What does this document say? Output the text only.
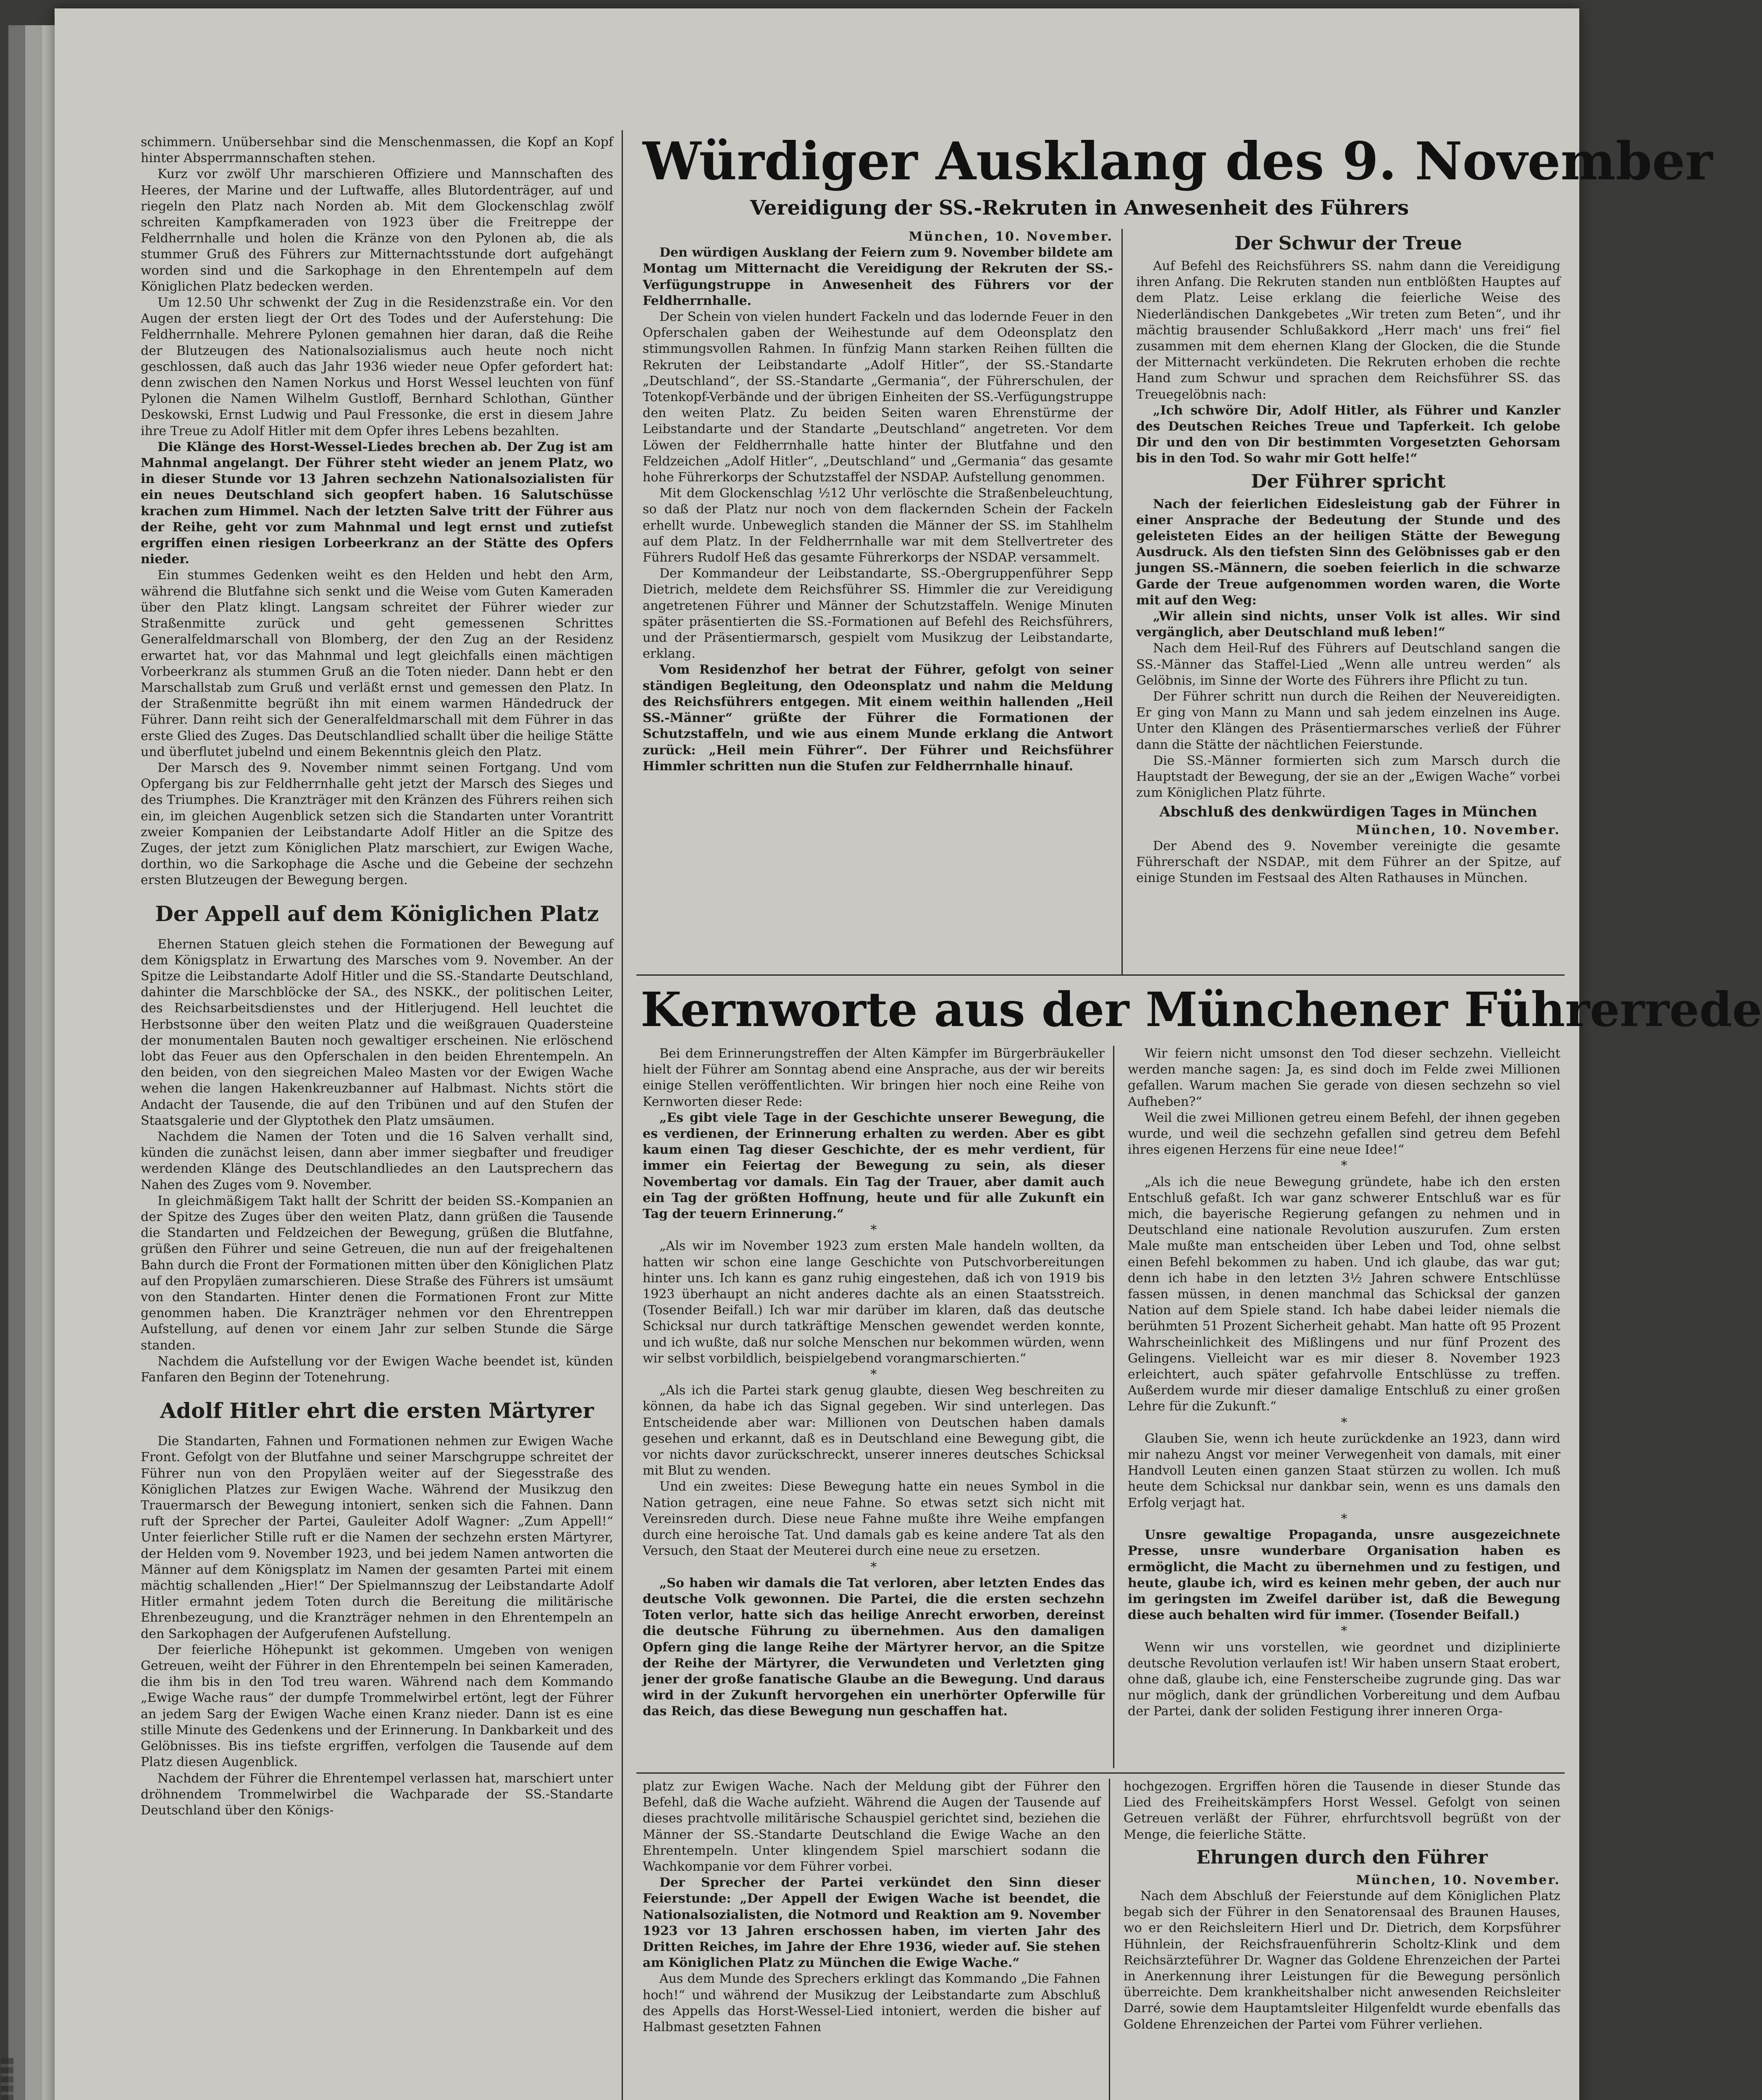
schimmern. Unübersehbar sind die Menschenmassen, die Kopf an Kopf hinter Absperrmannschaften stehen.

Kurz vor zwölf Uhr marschieren Offiziere und Mannschaften des Heeres, der Marine und der Luftwaffe, alles Blutordenträger, auf und riegeln den Platz nach Norden ab. Mit dem Glockenschlag zwölf schreiten Kampfkameraden von 1923 über die Freitreppe der Feldherrnhalle und holen die Kränze von den Pylonen ab, die als stummer Gruß des Führers zur Mitternachtsstunde dort aufgehängt worden sind und die Sarkophage in den Ehrentempeln auf dem Königlichen Platz bedecken werden.

Um 12.50 Uhr schwenkt der Zug in die Residenzstraße ein. Vor den Augen der ersten liegt der Ort des Todes und der Auferstehung: Die Feldherrnhalle. Mehrere Pylonen gemahnen hier daran, daß die Reihe der Blutzeugen des Nationalsozialismus auch heute noch nicht geschlossen, daß auch das Jahr 1936 wieder neue Opfer gefordert hat: denn zwischen den Namen Norkus und Horst Wessel leuchten von fünf Pylonen die Namen Wilhelm Gustloff, Bernhard Schlothan, Günther Deskowski, Ernst Ludwig und Paul Fressonke, die erst in diesem Jahre ihre Treue zu Adolf Hitler mit dem Opfer ihres Lebens bezahlten.

Die Klänge des Horst-Wessel-Liedes brechen ab. Der Zug ist am Mahnmal angelangt. Der Führer steht wieder an jenem Platz, wo in dieser Stunde vor 13 Jahren sechzehn Nationalsozialisten für ein neues Deutschland sich geopfert haben. 16 Salutschüsse krachen zum Himmel. Nach der letzten Salve tritt der Führer aus der Reihe, geht vor zum Mahnmal und legt ernst und zutiefst ergriffen einen riesigen Lorbeerkranz an der Stätte des Opfers nieder.

Ein stummes Gedenken weiht es den Helden und hebt den Arm, während die Blutfahne sich senkt und die Weise vom Guten Kameraden über den Platz klingt. Langsam schreitet der Führer wieder zur Straßenmitte zurück und geht gemessenen Schrittes Generalfeldmarschall von Blomberg, der den Zug an der Residenz erwartet hat, vor das Mahnmal und legt gleichfalls einen mächtigen Vorbeerkranz als stummen Gruß an die Toten nieder. Dann hebt er den Marschallstab zum Gruß und verläßt ernst und gemessen den Platz. In der Straßenmitte begrüßt ihn mit einem warmen Händedruck der Führer. Dann reiht sich der Generalfeldmarschall mit dem Führer in das erste Glied des Zuges. Das Deutschlandlied schallt über die heilige Stätte und überflutet jubelnd und einem Bekenntnis gleich den Platz.

Der Marsch des 9. November nimmt seinen Fortgang. Und vom Opfergang bis zur Feldherrnhalle geht jetzt der Marsch des Sieges und des Triumphes. Die Kranzträger mit den Kränzen des Führers reihen sich ein, im gleichen Augenblick setzen sich die Standarten unter Vorantritt zweier Kompanien der Leibstandarte Adolf Hitler an die Spitze des Zuges, der jetzt zum Königlichen Platz marschiert, zur Ewigen Wache, dorthin, wo die Sarkophage die Asche und die Gebeine der sechzehn ersten Blutzeugen der Bewegung bergen.

Der Appell auf dem Königlichen Platz

Ehernen Statuen gleich stehen die Formationen der Bewegung auf dem Königsplatz in Erwartung des Marsches vom 9. November. An der Spitze die Leibstandarte Adolf Hitler und die SS.-Standarte Deutschland, dahinter die Marschblöcke der SA., des NSKK., der politischen Leiter, des Reichsarbeitsdienstes und der Hitlerjugend. Hell leuchtet die Herbstsonne über den weiten Platz und die weißgrauen Quadersteine der monumentalen Bauten noch gewaltiger erscheinen. Nie erlöschend lobt das Feuer aus den Opferschalen in den beiden Ehrentempeln. An den beiden, von den siegreichen Maleo Masten vor der Ewigen Wache wehen die langen Hakenkreuzbanner auf Halbmast. Nichts stört die Andacht der Tausende, die auf den Tribünen und auf den Stufen der Staatsgalerie und der Glyptothek den Platz umsäumen.

Nachdem die Namen der Toten und die 16 Salven verhallt sind, künden die zunächst leisen, dann aber immer siegbafter und freudiger werdenden Klänge des Deutschlandliedes an den Lautsprechern das Nahen des Zuges vom 9. November.

In gleichmäßigem Takt hallt der Schritt der beiden SS.-Kompanien an der Spitze des Zuges über den weiten Platz, dann grüßen die Tausende die Standarten und Feldzeichen der Bewegung, grüßen die Blutfahne, grüßen den Führer und seine Getreuen, die nun auf der freigehaltenen Bahn durch die Front der Formationen mitten über den Königlichen Platz auf den Propyläen zumarschieren. Diese Straße des Führers ist umsäumt von den Standarten. Hinter denen die Formationen Front zur Mitte genommen haben. Die Kranzträger nehmen vor den Ehrentreppen Aufstellung, auf denen vor einem Jahr zur selben Stunde die Särge standen.

Nachdem die Aufstellung vor der Ewigen Wache beendet ist, künden Fanfaren den Beginn der Totenehrung.

Adolf Hitler ehrt die ersten Märtyrer

Die Standarten, Fahnen und Formationen nehmen zur Ewigen Wache Front. Gefolgt von der Blutfahne und seiner Marschgruppe schreitet der Führer nun von den Propyläen weiter auf der Siegesstraße des Königlichen Platzes zur Ewigen Wache. Während der Musikzug den Trauermarsch der Bewegung intoniert, senken sich die Fahnen. Dann ruft der Sprecher der Partei, Gauleiter Adolf Wagner: „Zum Appell!“ Unter feierlicher Stille ruft er die Namen der sechzehn ersten Märtyrer, der Helden vom 9. November 1923, und bei jedem Namen antworten die Männer auf dem Königsplatz im Namen der gesamten Partei mit einem mächtig schallenden „Hier!“ Der Spielmannszug der Leibstandarte Adolf Hitler ermahnt jedem Toten durch die Bereitung die militärische Ehrenbezeugung, und die Kranzträger nehmen in den Ehrentempeln an den Sarkophagen der Aufgerufenen Aufstellung.

Der feierliche Höhepunkt ist gekommen. Umgeben von wenigen Getreuen, weiht der Führer in den Ehrentempeln bei seinen Kameraden, die ihm bis in den Tod treu waren. Während nach dem Kommando „Ewige Wache raus“ der dumpfe Trommelwirbel ertönt, legt der Führer an jedem Sarg der Ewigen Wache einen Kranz nieder. Dann ist es eine stille Minute des Gedenkens und der Erinnerung. In Dankbarkeit und des Gelöbnisses. Bis ins tiefste ergriffen, verfolgen die Tausende auf dem Platz diesen Augenblick.

Nachdem der Führer die Ehrentempel verlassen hat, marschiert unter dröhnendem Trommelwirbel die Wachparade der SS.-Standarte Deutschland über den Königs-

Würdiger Ausklang des 9. November
Vereidigung der SS.-Rekruten in Anwesenheit des Führers

München, 10. November.

Den würdigen Ausklang der Feiern zum 9. November bildete am Montag um Mitternacht die Vereidigung der Rekruten der SS.-Verfügungstruppe in Anwesenheit des Führers vor der Feldherrnhalle.

Der Schein von vielen hundert Fackeln und das lodernde Feuer in den Opferschalen gaben der Weihestunde auf dem Odeonsplatz den stimmungsvollen Rahmen. In fünfzig Mann starken Reihen füllten die Rekruten der Leibstandarte „Adolf Hitler“, der SS.-Standarte „Deutschland“, der SS.-Standarte „Germania“, der Führerschulen, der Totenkopf-Verbände und der übrigen Einheiten der SS.-Verfügungstruppe den weiten Platz. Zu beiden Seiten waren Ehrenstürme der Leibstandarte und der Standarte „Deutschland“ angetreten. Vor dem Löwen der Feldherrnhalle hatte hinter der Blutfahne und den Feldzeichen „Adolf Hitler“, „Deutschland“ und „Germania“ das gesamte hohe Führerkorps der Schutzstaffel der NSDAP. Aufstellung genommen.

Mit dem Glockenschlag ½12 Uhr verlöschte die Straßenbeleuchtung, so daß der Platz nur noch von dem flackernden Schein der Fackeln erhellt wurde. Unbeweglich standen die Männer der SS. im Stahlhelm auf dem Platz. In der Feldherrnhalle war mit dem Stellvertreter des Führers Rudolf Heß das gesamte Führerkorps der NSDAP. versammelt.

Der Kommandeur der Leibstandarte, SS.-Obergruppenführer Sepp Dietrich, meldete dem Reichsführer SS. Himmler die zur Vereidigung angetretenen Führer und Männer der Schutzstaffeln. Wenige Minuten später präsentierten die SS.-Formationen auf Befehl des Reichsführers, und der Präsentiermarsch, gespielt vom Musikzug der Leibstandarte, erklang.

Vom Residenzhof her betrat der Führer, gefolgt von seiner ständigen Begleitung, den Odeonsplatz und nahm die Meldung des Reichsführers entgegen. Mit einem weithin hallenden „Heil SS.-Männer“ grüßte der Führer die Formationen der Schutzstaffeln, und wie aus einem Munde erklang die Antwort zurück: „Heil mein Führer“. Der Führer und Reichsführer Himmler schritten nun die Stufen zur Feldherrnhalle hinauf.

Der Schwur der Treue

Auf Befehl des Reichsführers SS. nahm dann die Vereidigung ihren Anfang. Die Rekruten standen nun entblößten Hauptes auf dem Platz. Leise erklang die feierliche Weise des Niederländischen Dankgebetes „Wir treten zum Beten“, und ihr mächtig brausender Schlußakkord „Herr mach' uns frei“ fiel zusammen mit dem ehernen Klang der Glocken, die die Stunde der Mitternacht verkündeten. Die Rekruten erhoben die rechte Hand zum Schwur und sprachen dem Reichsführer SS. das Treuegelöbnis nach:

„Ich schwöre Dir, Adolf Hitler, als Führer und Kanzler des Deutschen Reiches Treue und Tapferkeit. Ich gelobe Dir und den von Dir bestimmten Vorgesetzten Gehorsam bis in den Tod. So wahr mir Gott helfe!“

Der Führer spricht

Nach der feierlichen Eidesleistung gab der Führer in einer Ansprache der Bedeutung der Stunde und des geleisteten Eides an der heiligen Stätte der Bewegung Ausdruck. Als den tiefsten Sinn des Gelöbnisses gab er den jungen SS.-Männern, die soeben feierlich in die schwarze Garde der Treue aufgenommen worden waren, die Worte mit auf den Weg:

„Wir allein sind nichts, unser Volk ist alles. Wir sind vergänglich, aber Deutschland muß leben!“

Nach dem Heil-Ruf des Führers auf Deutschland sangen die SS.-Männer das Staffel-Lied „Wenn alle untreu werden“ als Gelöbnis, im Sinne der Worte des Führers ihre Pflicht zu tun.

Der Führer schritt nun durch die Reihen der Neuvereidigten. Er ging von Mann zu Mann und sah jedem einzelnen ins Auge. Unter den Klängen des Präsentiermarsches verließ der Führer dann die Stätte der nächtlichen Feierstunde.

Die SS.-Männer formierten sich zum Marsch durch die Hauptstadt der Bewegung, der sie an der „Ewigen Wache“ vorbei zum Königlichen Platz führte.

Abschluß des denkwürdigen Tages in München

München, 10. November.

Der Abend des 9. November vereinigte die gesamte Führerschaft der NSDAP., mit dem Führer an der Spitze, auf einige Stunden im Festsaal des Alten Rathauses in München.

Kernworte aus der Münchener Führerrede

Bei dem Erinnerungstreffen der Alten Kämpfer im Bürgerbräukeller hielt der Führer am Sonntag abend eine Ansprache, aus der wir bereits einige Stellen veröffentlichten. Wir bringen hier noch eine Reihe von Kernworten dieser Rede:

„Es gibt viele Tage in der Geschichte unserer Bewegung, die es verdienen, der Erinnerung erhalten zu werden. Aber es gibt kaum einen Tag dieser Geschichte, der es mehr verdient, für immer ein Feiertag der Bewegung zu sein, als dieser Novembertag vor damals. Ein Tag der Trauer, aber damit auch ein Tag der größten Hoffnung, heute und für alle Zukunft ein Tag der teuern Erinnerung.“

*

„Als wir im November 1923 zum ersten Male handeln wollten, da hatten wir schon eine lange Geschichte von Putschvorbereitungen hinter uns. Ich kann es ganz ruhig eingestehen, daß ich von 1919 bis 1923 überhaupt an nicht anderes dachte als an einen Staatsstreich. (Tosender Beifall.) Ich war mir darüber im klaren, daß das deutsche Schicksal nur durch tatkräftige Menschen gewendet werden konnte, und ich wußte, daß nur solche Menschen nur bekommen würden, wenn wir selbst vorbildlich, beispielgebend vorangmarschierten.“

*

„Als ich die Partei stark genug glaubte, diesen Weg beschreiten zu können, da habe ich das Signal gegeben. Wir sind unterlegen. Das Entscheidende aber war: Millionen von Deutschen haben damals gesehen und erkannt, daß es in Deutschland eine Bewegung gibt, die vor nichts davor zurückschreckt, unserer inneres deutsches Schicksal mit Blut zu wenden.

Und ein zweites: Diese Bewegung hatte ein neues Symbol in die Nation getragen, eine neue Fahne. So etwas setzt sich nicht mit Vereinsreden durch. Diese neue Fahne mußte ihre Weihe empfangen durch eine heroische Tat. Und damals gab es keine andere Tat als den Versuch, den Staat der Meuterei durch eine neue zu ersetzen.

*

„So haben wir damals die Tat verloren, aber letzten Endes das deutsche Volk gewonnen. Die Partei, die die ersten sechzehn Toten verlor, hatte sich das heilige Anrecht erworben, dereinst die deutsche Führung zu übernehmen. Aus den damaligen Opfern ging die lange Reihe der Märtyrer hervor, an die Spitze der Reihe der Märtyrer, die Verwundeten und Verletzten ging jener der große fanatische Glaube an die Bewegung. Und daraus wird in der Zukunft hervorgehen ein unerhörter Opferwille für das Reich, das diese Bewegung nun geschaffen hat.

Wir feiern nicht umsonst den Tod dieser sechzehn. Vielleicht werden manche sagen: Ja, es sind doch im Felde zwei Millionen gefallen. Warum machen Sie gerade von diesen sechzehn so viel Aufheben?“

Weil die zwei Millionen getreu einem Befehl, der ihnen gegeben wurde, und weil die sechzehn gefallen sind getreu dem Befehl ihres eigenen Herzens für eine neue Idee!“

*

„Als ich die neue Bewegung gründete, habe ich den ersten Entschluß gefaßt. Ich war ganz schwerer Entschluß war es für mich, die bayerische Regierung gefangen zu nehmen und in Deutschland eine nationale Revolution auszurufen. Zum ersten Male mußte man entscheiden über Leben und Tod, ohne selbst einen Befehl bekommen zu haben. Und ich glaube, das war gut; denn ich habe in den letzten 3½ Jahren schwere Entschlüsse fassen müssen, in denen manchmal das Schicksal der ganzen Nation auf dem Spiele stand. Ich habe dabei leider niemals die berühmten 51 Prozent Sicherheit gehabt. Man hatte oft 95 Prozent Wahrscheinlichkeit des Mißlingens und nur fünf Prozent des Gelingens. Vielleicht war es mir dieser 8. November 1923 erleichtert, auch später gefahrvolle Entschlüsse zu treffen. Außerdem wurde mir dieser damalige Entschluß zu einer großen Lehre für die Zukunft.“

*

Glauben Sie, wenn ich heute zurückdenke an 1923, dann wird mir nahezu Angst vor meiner Verwegenheit von damals, mit einer Handvoll Leuten einen ganzen Staat stürzen zu wollen. Ich muß heute dem Schicksal nur dankbar sein, wenn es uns damals den Erfolg verjagt hat.

*

Unsre gewaltige Propaganda, unsre ausgezeichnete Presse, unsre wunderbare Organisation haben es ermöglicht, die Macht zu übernehmen und zu festigen, und heute, glaube ich, wird es keinen mehr geben, der auch nur im geringsten im Zweifel darüber ist, daß die Bewegung diese auch behalten wird für immer. (Tosender Beifall.)

*

Wenn wir uns vorstellen, wie geordnet und diziplinierte deutsche Revolution verlaufen ist! Wir haben unsern Staat erobert, ohne daß, glaube ich, eine Fensterscheibe zugrunde ging. Das war nur möglich, dank der gründlichen Vorbereitung und dem Aufbau der Partei, dank der soliden Festigung ihrer inneren Orga-

platz zur Ewigen Wache. Nach der Meldung gibt der Führer den Befehl, daß die Wache aufzieht. Während die Augen der Tausende auf dieses prachtvolle militärische Schauspiel gerichtet sind, beziehen die Männer der SS.-Standarte Deutschland die Ewige Wache an den Ehrentempeln. Unter klingendem Spiel marschiert sodann die Wachkompanie vor dem Führer vorbei.

Der Sprecher der Partei verkündet den Sinn dieser Feierstunde: „Der Appell der Ewigen Wache ist beendet, die Nationalsozialisten, die Notmord und Reaktion am 9. November 1923 vor 13 Jahren erschossen haben, im vierten Jahr des Dritten Reiches, im Jahre der Ehre 1936, wieder auf. Sie stehen am Königlichen Platz zu München die Ewige Wache.“

Aus dem Munde des Sprechers erklingt das Kommando „Die Fahnen hoch!“ und während der Musikzug der Leibstandarte zum Abschluß des Appells das Horst-Wessel-Lied intoniert, werden die bisher auf Halbmast gesetzten Fahnen

hochgezogen. Ergriffen hören die Tausende in dieser Stunde das Lied des Freiheitskämpfers Horst Wessel. Gefolgt von seinen Getreuen verläßt der Führer, ehrfurchtsvoll begrüßt von der Menge, die feierliche Stätte.

Ehrungen durch den Führer

München, 10. November.

Nach dem Abschluß der Feierstunde auf dem Königlichen Platz begab sich der Führer in den Senatorensaal des Braunen Hauses, wo er den Reichsleitern Hierl und Dr. Dietrich, dem Korpsführer Hühnlein, der Reichsfrauenführerin Scholtz-Klink und dem Reichsärzteführer Dr. Wagner das Goldene Ehrenzeichen der Partei in Anerkennung ihrer Leistungen für die Bewegung persönlich überreichte. Dem krankheitshalber nicht anwesenden Reichsleiter Darré, sowie dem Hauptamtsleiter Hilgenfeldt wurde ebenfalls das Goldene Ehrenzeichen der Partei vom Führer verliehen.
